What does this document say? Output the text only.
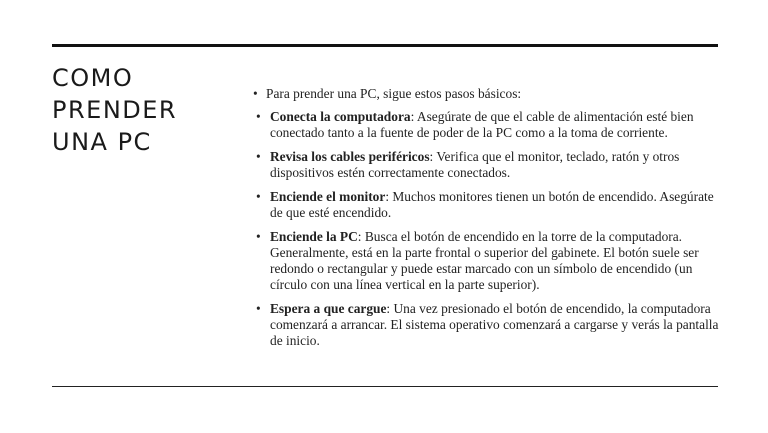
COMO
PRENDER
UNA PC

• Para prender una PC, sigue estos pasos básicos:

• Conecta la computadora: Asegúrate de que el cable de alimentación esté bien conectado tanto a la fuente de poder de la PC como a la toma de corriente.
• Revisa los cables periféricos: Verifica que el monitor, teclado, ratón y otros dispositivos estén correctamente conectados.
• Enciende el monitor: Muchos monitores tienen un botón de encendido. Asegúrate de que esté encendido.
• Enciende la PC: Busca el botón de encendido en la torre de la computadora. Generalmente, está en la parte frontal o superior del gabinete. El botón suele ser redondo o rectangular y puede estar marcado con un símbolo de encendido (un círculo con una línea vertical en la parte superior).
• Espera a que cargue: Una vez presionado el botón de encendido, la computadora comenzará a arrancar. El sistema operativo comenzará a cargarse y verás la pantalla de inicio.
